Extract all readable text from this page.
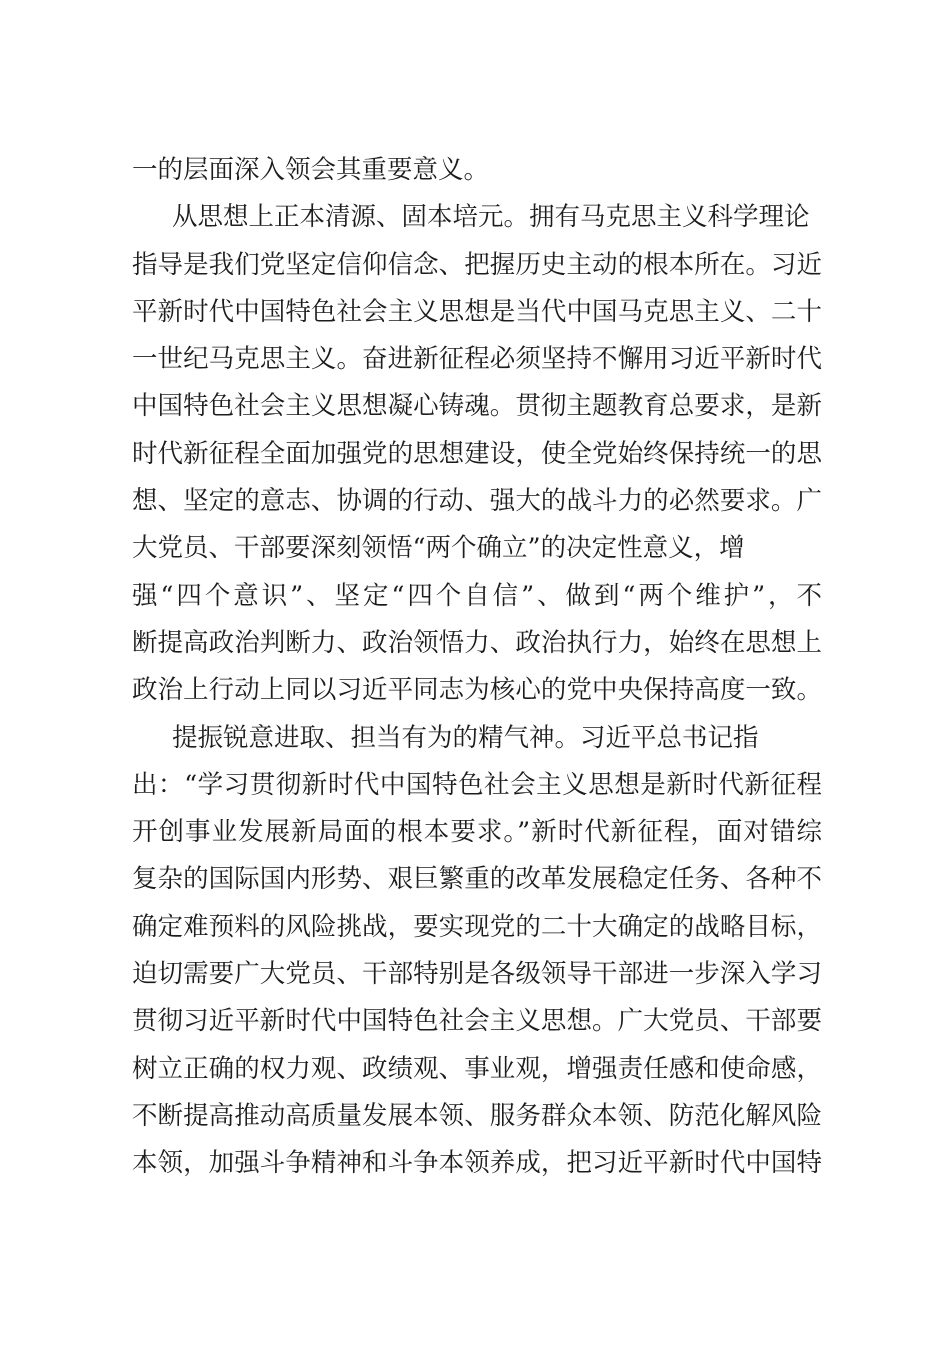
一的层面深入领会其重要意义。
从思想上正本清源、固本培元。拥有马克思主义科学理论
指导是我们党坚定信仰信念、把握历史主动的根本所在。习近
平新时代中国特色社会主义思想是当代中国马克思主义、二十
一世纪马克思主义。奋进新征程必须坚持不懈用习近平新时代
中国特色社会主义思想凝心铸魂。贯彻主题教育总要求，是新
时代新征程全面加强党的思想建设，使全党始终保持统一的思
想、坚定的意志、协调的行动、强大的战斗力的必然要求。广
大党员、干部要深刻领悟“两个确立”的决定性意义，增
强“四个意识”、坚定“四个自信”、做到“两个维护”，不
断提高政治判断力、政治领悟力、政治执行力，始终在思想上
政治上行动上同以习近平同志为核心的党中央保持高度一致。
提振锐意进取、担当有为的精气神。习近平总书记指
出：“学习贯彻新时代中国特色社会主义思想是新时代新征程
开创事业发展新局面的根本要求。”新时代新征程，面对错综
复杂的国际国内形势、艰巨繁重的改革发展稳定任务、各种不
确定难预料的风险挑战，要实现党的二十大确定的战略目标，
迫切需要广大党员、干部特别是各级领导干部进一步深入学习
贯彻习近平新时代中国特色社会主义思想。广大党员、干部要
树立正确的权力观、政绩观、事业观，增强责任感和使命感，
不断提高推动高质量发展本领、服务群众本领、防范化解风险
本领，加强斗争精神和斗争本领养成，把习近平新时代中国特
